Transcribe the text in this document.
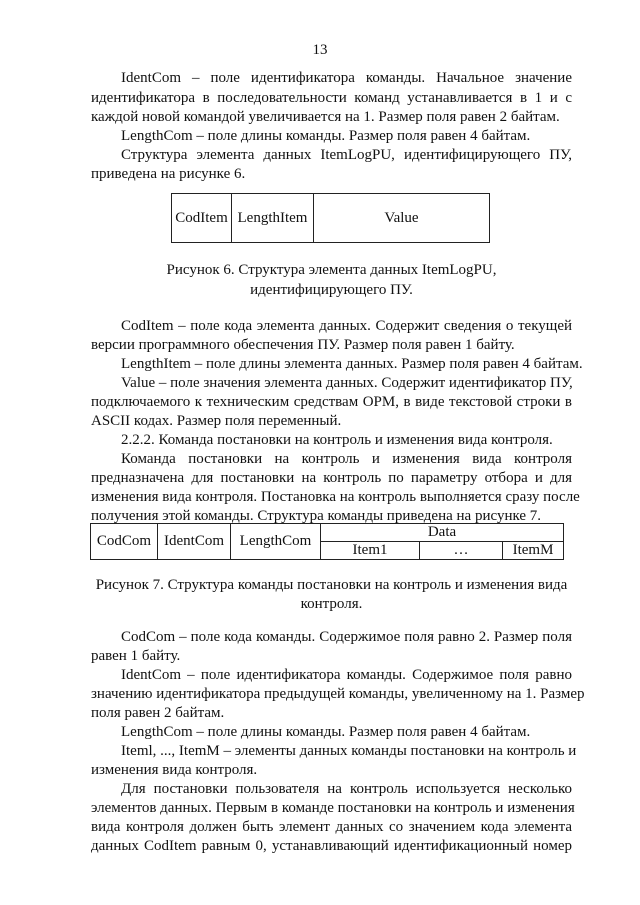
13
IdentCom – поле идентификатора команды. Начальное значение
идентификатора в последовательности команд устанавливается в 1 и с
каждой новой командой увеличивается на 1. Размер поля равен 2 байтам.
LengthCom – поле длины команды. Размер поля равен 4 байтам.
Структура элемента данных ItemLogPU, идентифицирующего ПУ,
приведена на рисунке 6.
CodItem	LengthItem	Value
Рисунок 6. Структура элемента данных ItemLogPU,
идентифицирующего ПУ.
CodItem – поле кода элемента данных. Содержит сведения о текущей
версии программного обеспечения ПУ. Размер поля равен 1 байту.
LengthItem – поле длины элемента данных. Размер поля равен 4 байтам.
Value – поле значения элемента данных. Содержит идентификатор ПУ,
подключаемого к техническим средствам ОРМ, в виде текстовой строки в
ASCII кодах. Размер поля переменный.
2.2.2. Команда постановки на контроль и изменения вида контроля.
Команда постановки на контроль и изменения вида контроля
предназначена для постановки на контроль по параметру отбора и для
изменения вида контроля. Постановка на контроль выполняется сразу после
получения этой команды. Структура команды приведена на рисунке 7.
CodCom	IdentCom	LengthCom	Data		
			Item1	…	ItemM
Рисунок 7. Структура команды постановки на контроль и изменения вида
контроля.
CodCom – поле кода команды. Содержимое поля равно 2. Размер поля
равен 1 байту.
IdentCom – поле идентификатора команды. Содержимое поля равно
значению идентификатора предыдущей команды, увеличенному на 1. Размер
поля равен 2 байтам.
LengthCom – поле длины команды. Размер поля равен 4 байтам.
Iteml, ..., ItemM – элементы данных команды постановки на контроль и
изменения вида контроля.
Для постановки пользователя на контроль используется несколько
элементов данных. Первым в команде постановки на контроль и изменения
вида контроля должен быть элемент данных со значением кода элемента
данных CodItem равным 0, устанавливающий идентификационный номер
